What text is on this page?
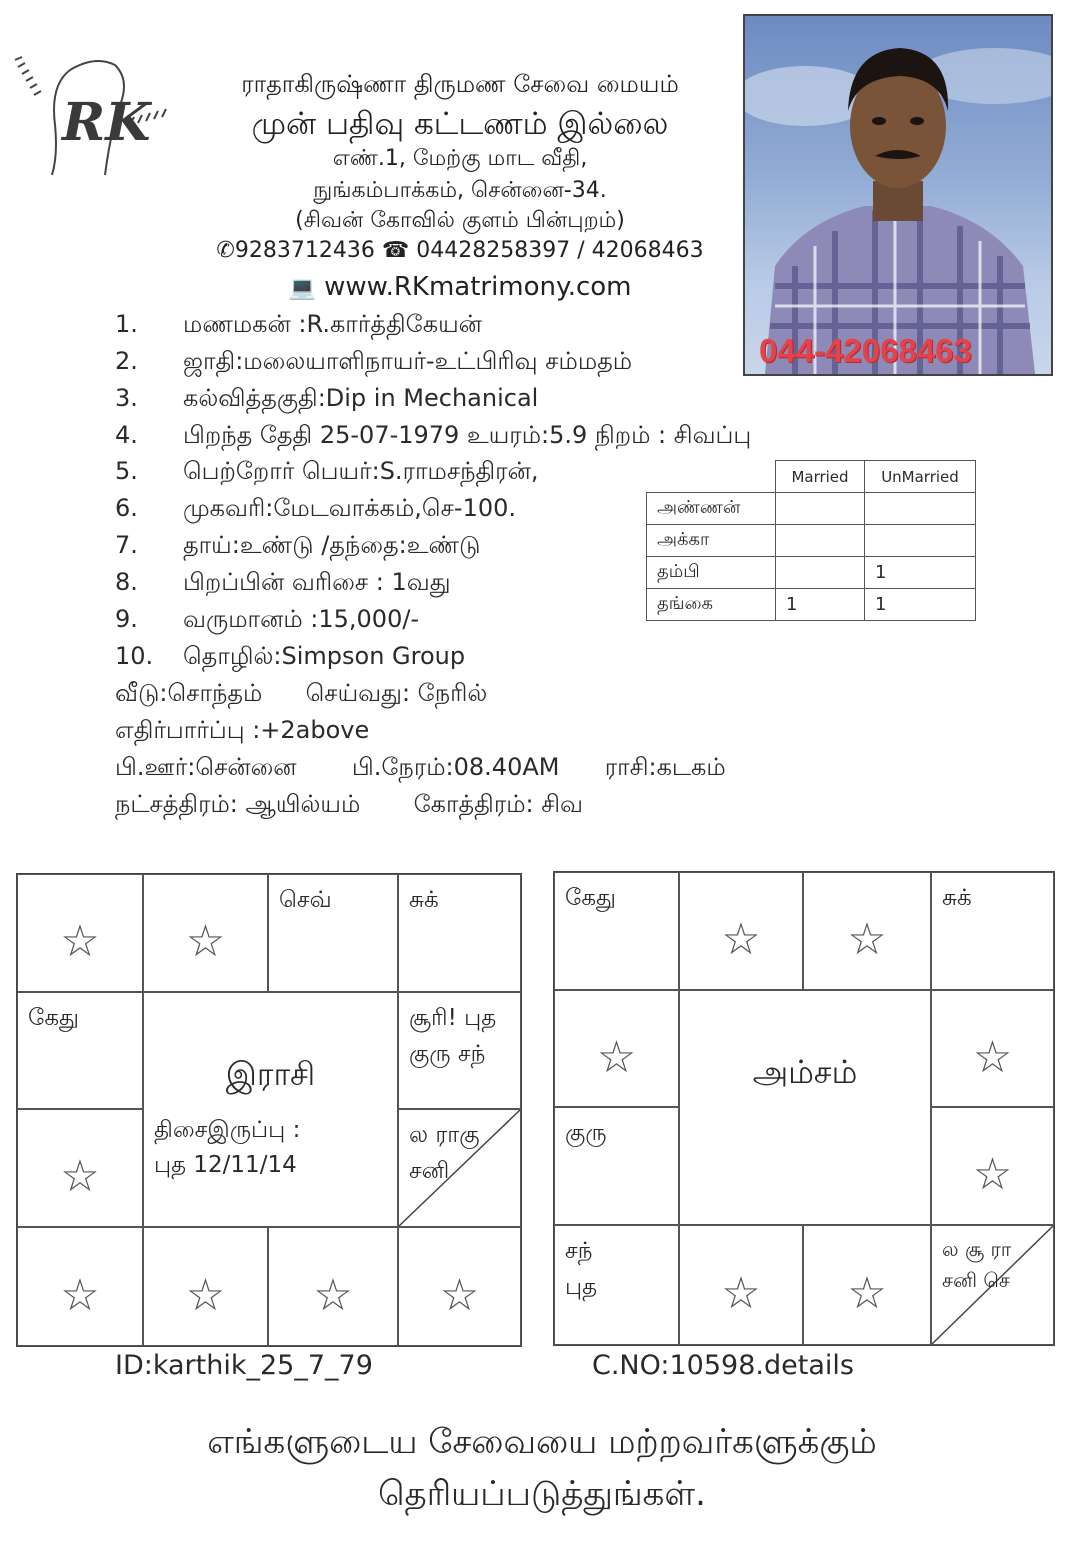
RK
ராதாகிருஷ்ணா திருமண சேவை மையம்
முன் பதிவு கட்டணம் இல்லை
எண்.1, மேற்கு மாட வீதி,
நுங்கம்பாக்கம், சென்னை-34.
(சிவன் கோவில் குளம் பின்புறம்)
✆9283712436 ☎ 04428258397 / 42068463
💻 www.RKmatrimony.com
044-42068463
1.	மணமகன் :R.கார்த்திகேயன்
2.	ஜாதி:மலையாளிநாயர்-உட்பிரிவு சம்மதம்
3.	கல்வித்தகுதி:Dip in Mechanical
4.	பிறந்த தேதி 25-07-1979 உயரம்:5.9 நிறம் : சிவப்பு
5.	பெற்றோர் பெயர்:S.ராமசந்திரன்,
6.	முகவரி:மேடவாக்கம்,செ-100.
7.	தாய்:உண்டு /தந்தை:உண்டு
8.	பிறப்பின் வரிசை : 1வது
9.	வருமானம் :15,000/-
10.	தொழில்:Simpson Group
வீடு:சொந்தம் செய்வது: நேரில்
எதிர்பார்ப்பு :+2above
பி.ஊர்:சென்னை பி.நேரம்:08.40AM ராசி:கடகம்
நட்சத்திரம்: ஆயில்யம் கோத்திரம்: சிவ
	Married	UnMarried
அண்ணன்		
அக்கா		
தம்பி		1
தங்கை	1	1
☆ ☆
செவ்	சுக்
கேது
☆
இராசி
திசைஇருப்பு :
புத 12/11/14
சூரி! புத
குரு சந்
ல ராகு
சனி
☆ ☆ ☆ ☆
கேது
☆ ☆
சுக்
☆
குரு
அம்சம்	☆
☆
சந்
புத	☆ ☆
ல சூ ரா
சனி செ
ID:karthik_25_7_79	C.NO:10598.details
எங்களுடைய சேவையை மற்றவர்களுக்கும்
தெரியப்படுத்துங்கள்.
